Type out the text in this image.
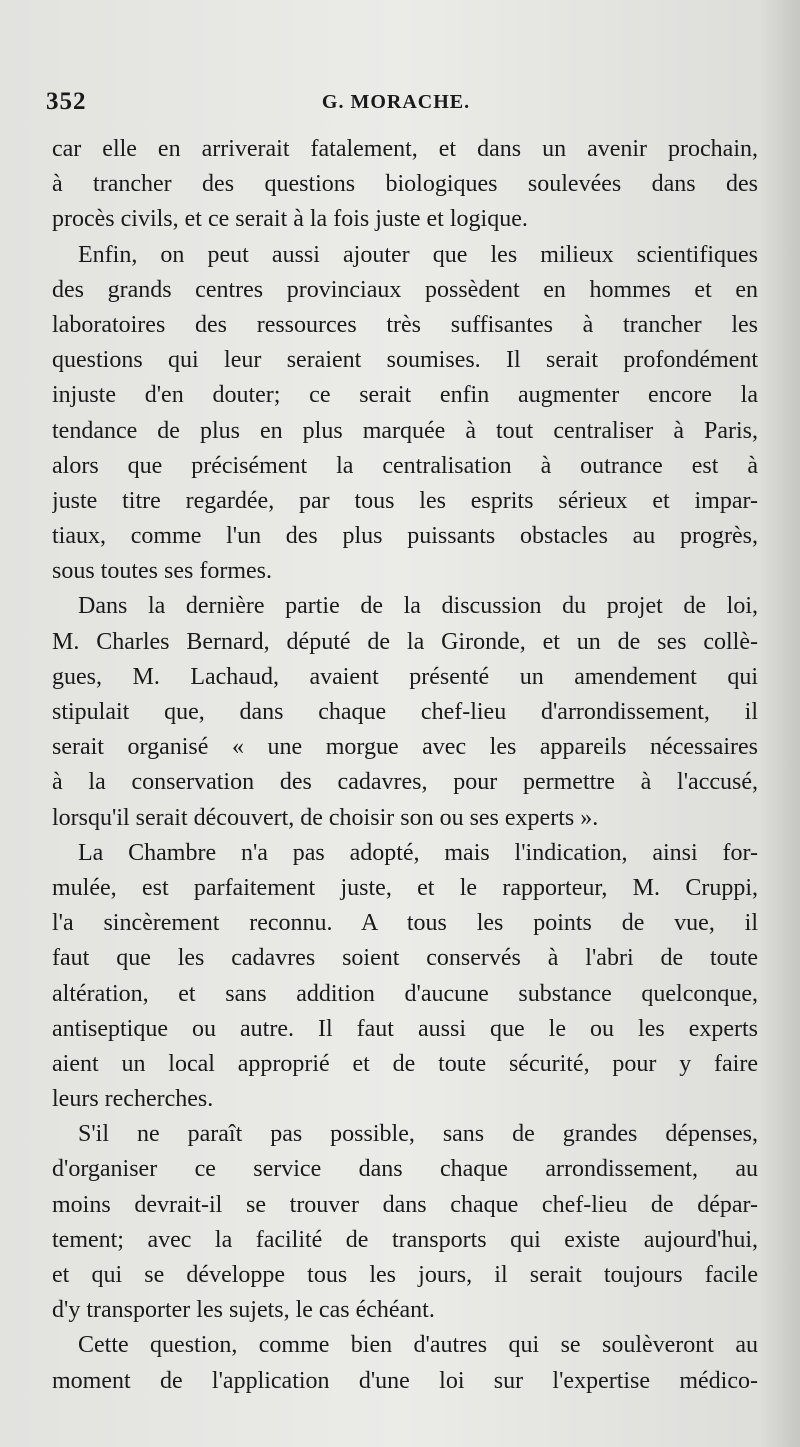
352	G. MORACHE.

car elle en arriverait fatalement, et dans un avenir prochain,
à trancher des questions biologiques soulevées dans des
procès civils, et ce serait à la fois juste et logique.

Enfin, on peut aussi ajouter que les milieux scientifiques
des grands centres provinciaux possèdent en hommes et en
laboratoires des ressources très suffisantes à trancher les
questions qui leur seraient soumises. Il serait profondément
injuste d'en douter; ce serait enfin augmenter encore la
tendance de plus en plus marquée à tout centraliser à Paris,
alors que précisément la centralisation à outrance est à
juste titre regardée, par tous les esprits sérieux et impar-
tiaux, comme l'un des plus puissants obstacles au progrès,
sous toutes ses formes.

Dans la dernière partie de la discussion du projet de loi,
M. Charles Bernard, député de la Gironde, et un de ses collè-
gues, M. Lachaud, avaient présenté un amendement qui
stipulait que, dans chaque chef-lieu d'arrondissement, il
serait organisé « une morgue avec les appareils nécessaires
à la conservation des cadavres, pour permettre à l'accusé,
lorsqu'il serait découvert, de choisir son ou ses experts ».

La Chambre n'a pas adopté, mais l'indication, ainsi for-
mulée, est parfaitement juste, et le rapporteur, M. Cruppi,
l'a sincèrement reconnu. A tous les points de vue, il
faut que les cadavres soient conservés à l'abri de toute
altération, et sans addition d'aucune substance quelconque,
antiseptique ou autre. Il faut aussi que le ou les experts
aient un local approprié et de toute sécurité, pour y faire
leurs recherches.

S'il ne paraît pas possible, sans de grandes dépenses,
d'organiser ce service dans chaque arrondissement, au
moins devrait-il se trouver dans chaque chef-lieu de dépar-
tement; avec la facilité de transports qui existe aujourd'hui,
et qui se développe tous les jours, il serait toujours facile
d'y transporter les sujets, le cas échéant.

Cette question, comme bien d'autres qui se soulèveront au
moment de l'application d'une loi sur l'expertise médico-
